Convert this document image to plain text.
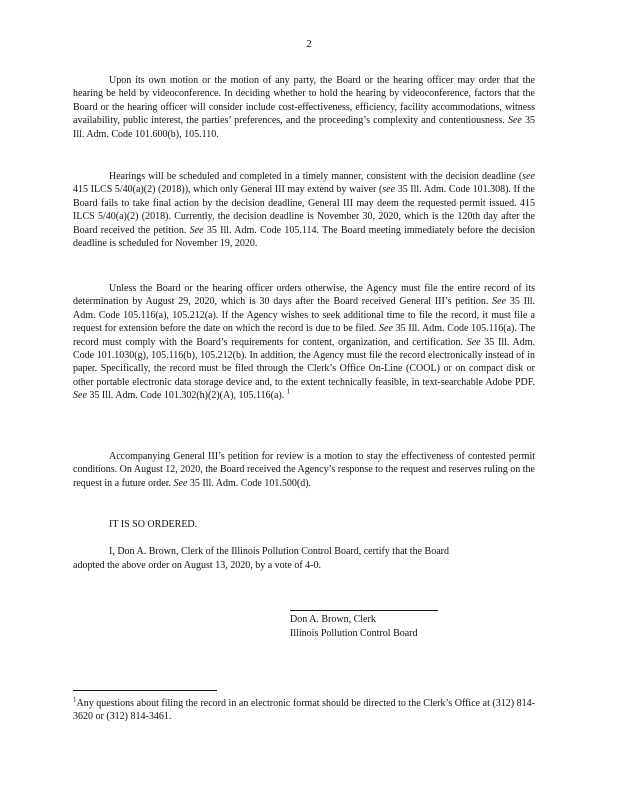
2

Upon its own motion or the motion of any party, the Board or the hearing officer may order that the hearing be held by videoconference. In deciding whether to hold the hearing by videoconference, factors that the Board or the hearing officer will consider include cost-effectiveness, efficiency, facility accommodations, witness availability, public interest, the parties’ preferences, and the proceeding’s complexity and contentiousness. See 35 Ill. Adm. Code 101.600(b), 105.110.

Hearings will be scheduled and completed in a timely manner, consistent with the decision deadline (see 415 ILCS 5/40(a)(2) (2018)), which only General III may extend by waiver (see 35 Ill. Adm. Code 101.308). If the Board fails to take final action by the decision deadline, General III may deem the requested permit issued. 415 ILCS 5/40(a)(2) (2018). Currently, the decision deadline is November 30, 2020, which is the 120th day after the Board received the petition. See 35 Ill. Adm. Code 105.114. The Board meeting immediately before the decision deadline is scheduled for November 19, 2020.

Unless the Board or the hearing officer orders otherwise, the Agency must file the entire record of its determination by August 29, 2020, which is 30 days after the Board received General III’s petition. See 35 Ill. Adm. Code 105.116(a), 105.212(a). If the Agency wishes to seek additional time to file the record, it must file a request for extension before the date on which the record is due to be filed. See 35 Ill. Adm. Code 105.116(a). The record must comply with the Board’s requirements for content, organization, and certification. See 35 Ill. Adm. Code 101.1030(g), 105.116(b), 105.212(b). In addition, the Agency must file the record electronically instead of in paper. Specifically, the record must be filed through the Clerk’s Office On-Line (COOL) or on compact disk or other portable electronic data storage device and, to the extent technically feasible, in text-searchable Adobe PDF. See 35 Ill. Adm. Code 101.302(h)(2)(A), 105.116(a). $^1$

Accompanying General III’s petition for review is a motion to stay the effectiveness of contested permit conditions. On August 12, 2020, the Board received the Agency’s response to the request and reserves ruling on the request in a future order. See 35 Ill. Adm. Code 101.500(d).

IT IS SO ORDERED.

I, Don A. Brown, Clerk of the Illinois Pollution Control Board, certify that the Board

adopted the above order on August 13, 2020, by a vote of 4-0.

Don A. Brown, Clerk

Illinois Pollution Control Board

$^1$Any questions about filing the record in an electronic format should be directed to the Clerk’s Office at (312) 814-3620 or (312) 814-3461.
